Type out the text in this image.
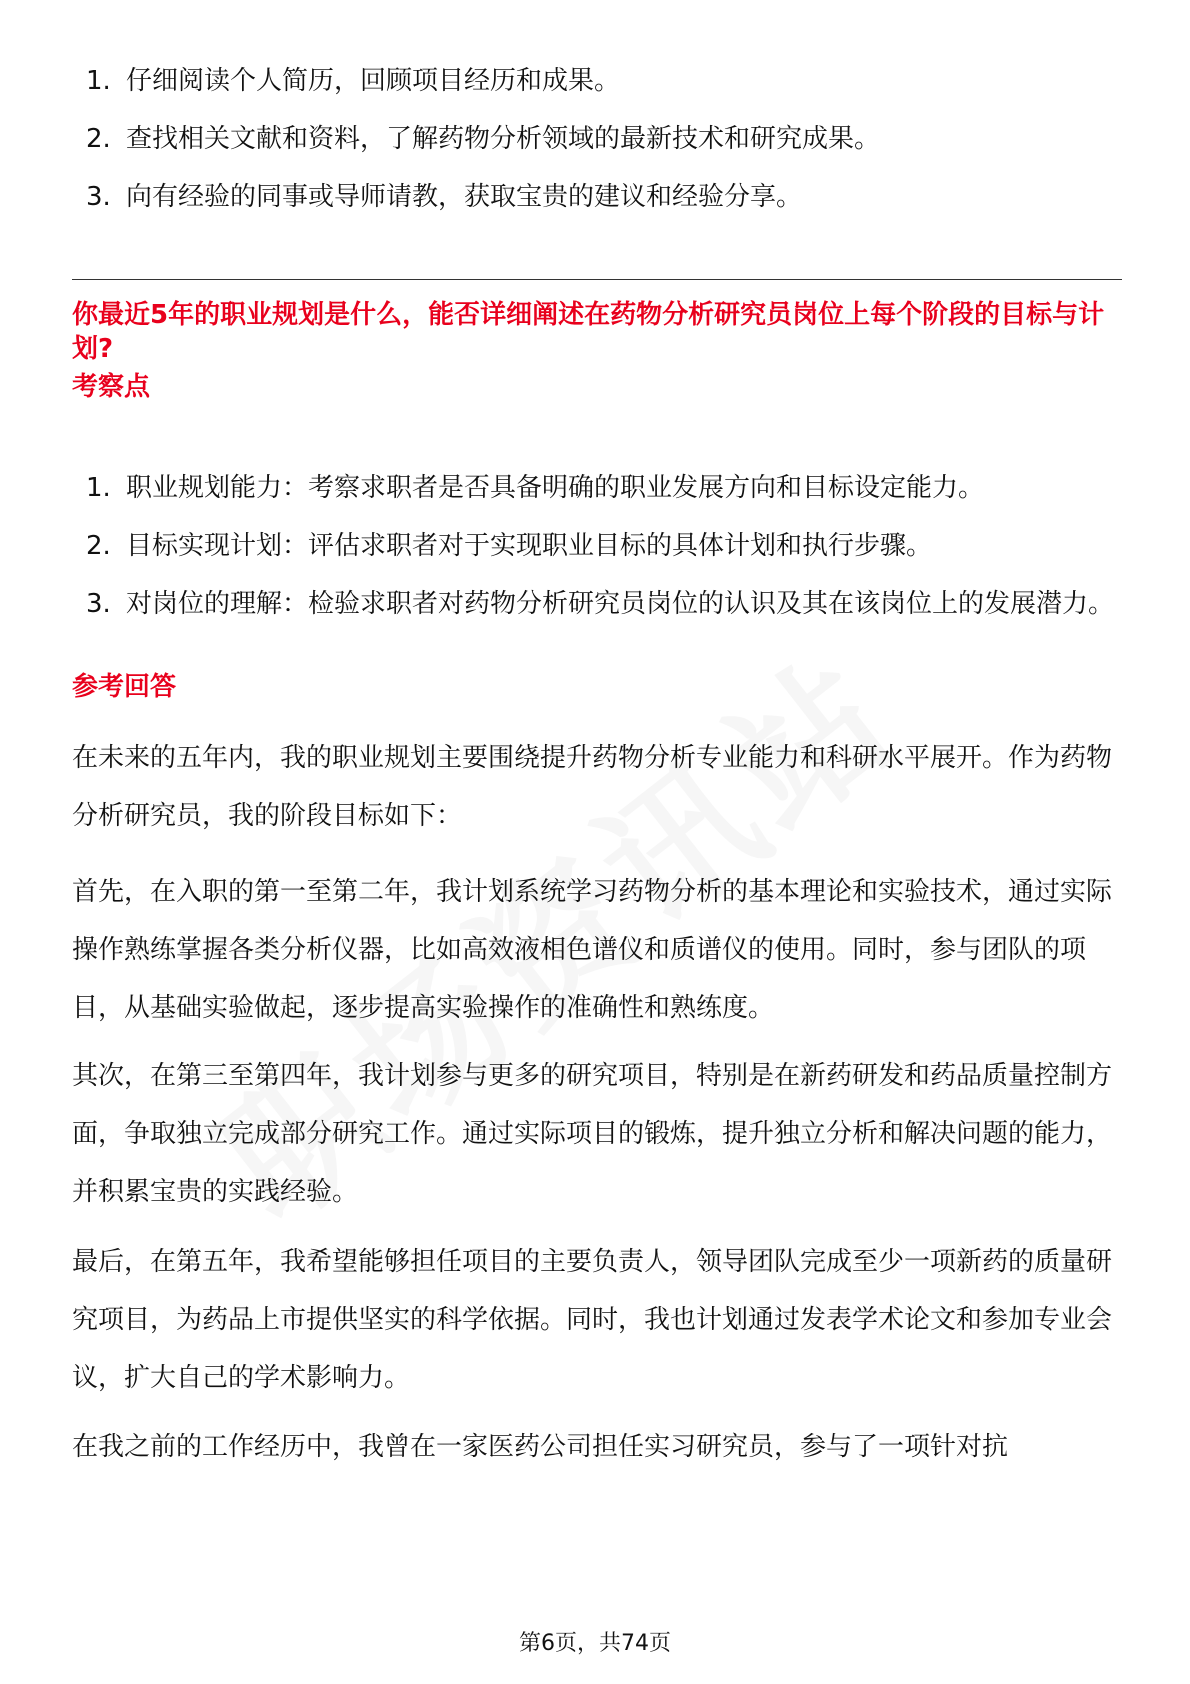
1. 仔细阅读个人简历，回顾项目经历和成果。
2. 查找相关文献和资料，了解药物分析领域的最新技术和研究成果。
3. 向有经验的同事或导师请教，获取宝贵的建议和经验分享。
你最近5年的职业规划是什么，能否详细阐述在药物分析研究员岗位上每个阶段的目标与计划?
考察点
1. 职业规划能力：考察求职者是否具备明确的职业发展方向和目标设定能力。
2. 目标实现计划：评估求职者对于实现职业目标的具体计划和执行步骤。
3. 对岗位的理解：检验求职者对药物分析研究员岗位的认识及其在该岗位上的发展潜力。
参考回答

在未来的五年内，我的职业规划主要围绕提升药物分析专业能力和科研水平展开。作为药物分析研究员，我的阶段目标如下：

首先，在入职的第一至第二年，我计划系统学习药物分析的基本理论和实验技术，通过实际操作熟练掌握各类分析仪器，比如高效液相色谱仪和质谱仪的使用。同时，参与团队的项目，从基础实验做起，逐步提高实验操作的准确性和熟练度。

其次，在第三至第四年，我计划参与更多的研究项目，特别是在新药研发和药品质量控制方面，争取独立完成部分研究工作。通过实际项目的锻炼，提升独立分析和解决问题的能力，并积累宝贵的实践经验。

最后，在第五年，我希望能够担任项目的主要负责人，领导团队完成至少一项新药的质量研究项目，为药品上市提供坚实的科学依据。同时，我也计划通过发表学术论文和参加专业会议，扩大自己的学术影响力。

在我之前的工作经历中，我曾在一家医药公司担任实习研究员，参与了一项针对抗

第6页，共74页
